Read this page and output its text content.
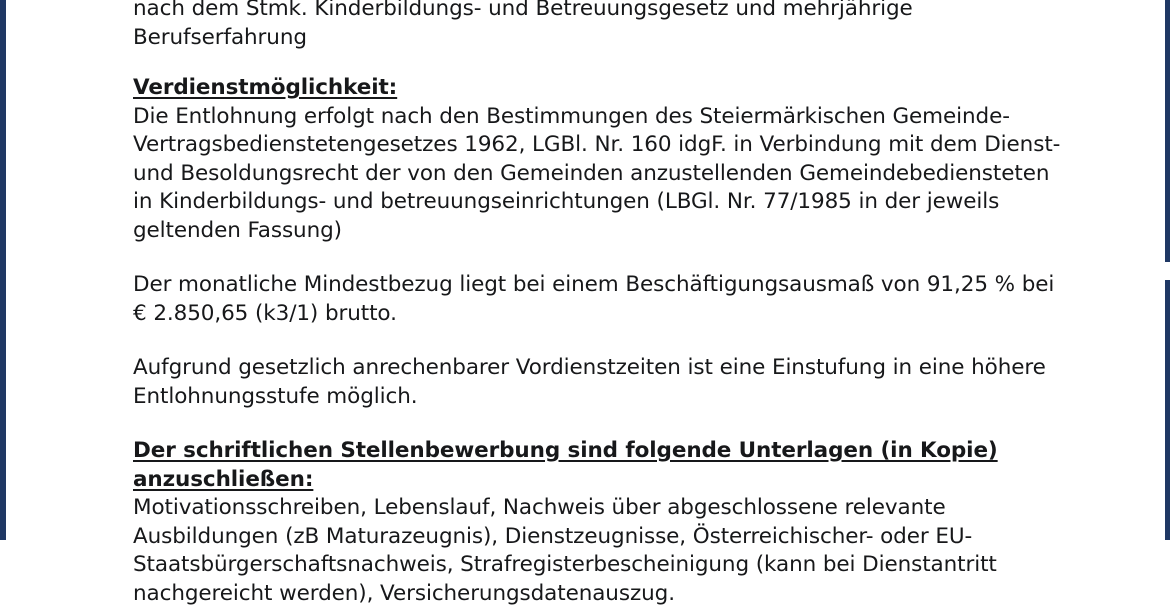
nach dem Stmk. Kinderbildungs- und Betreuungsgesetz und mehrjährige Berufserfahrung

Verdienstmöglichkeit:

Die Entlohnung erfolgt nach den Bestimmungen des Steiermärkischen Gemeinde-Vertragsbedienstetengesetzes 1962, LGBl. Nr. 160 idgF. in Verbindung mit dem Dienst- und Besoldungsrecht der von den Gemeinden anzustellenden Gemeindebediensteten in Kinderbildungs- und betreuungseinrichtungen (LBGl. Nr. 77/1985 in der jeweils geltenden Fassung)

Der monatliche Mindestbezug liegt bei einem Beschäftigungsausmaß von 91,25 % bei € 2.850,65 (k3/1) brutto.

Aufgrund gesetzlich anrechenbarer Vordienstzeiten ist eine Einstufung in eine höhere Entlohnungsstufe möglich.

Der schriftlichen Stellenbewerbung sind folgende Unterlagen (in Kopie) anzuschließen:

Motivationsschreiben, Lebenslauf, Nachweis über abgeschlossene relevante Ausbildungen (zB Maturazeugnis), Dienstzeugnisse, Österreichischer- oder EU-Staatsbürgerschaftsnachweis, Strafregisterbescheinigung (kann bei Dienstantritt nachgereicht werden), Versicherungsdatenauszug.
